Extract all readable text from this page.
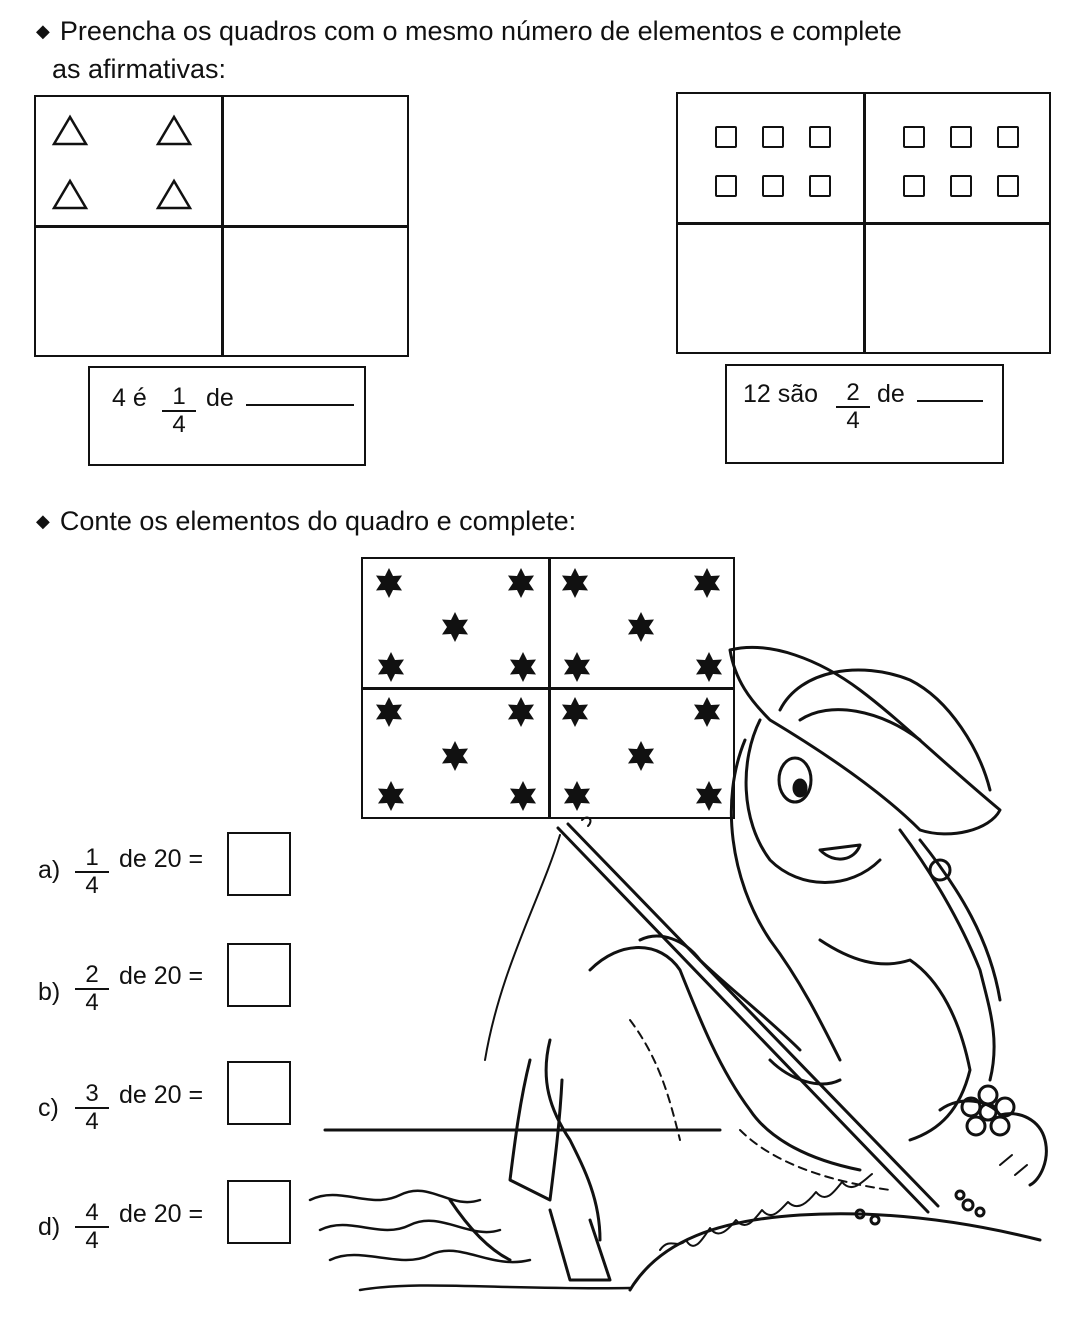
◆ Preencha os quadros com o mesmo número de elementos e complete
as afirmativas:
4 é $\frac{1}{4}$ de	12 são $\frac{2}{4}$ de
◆ Conte os elementos do quadro e complete:
$a) \frac{1}{4}$ de 20 =
$b) \frac{2}{4}$ de 20 =
$c) \frac{3}{4}$ de 20 =
$d) \frac{4}{4}$ de 20 =
